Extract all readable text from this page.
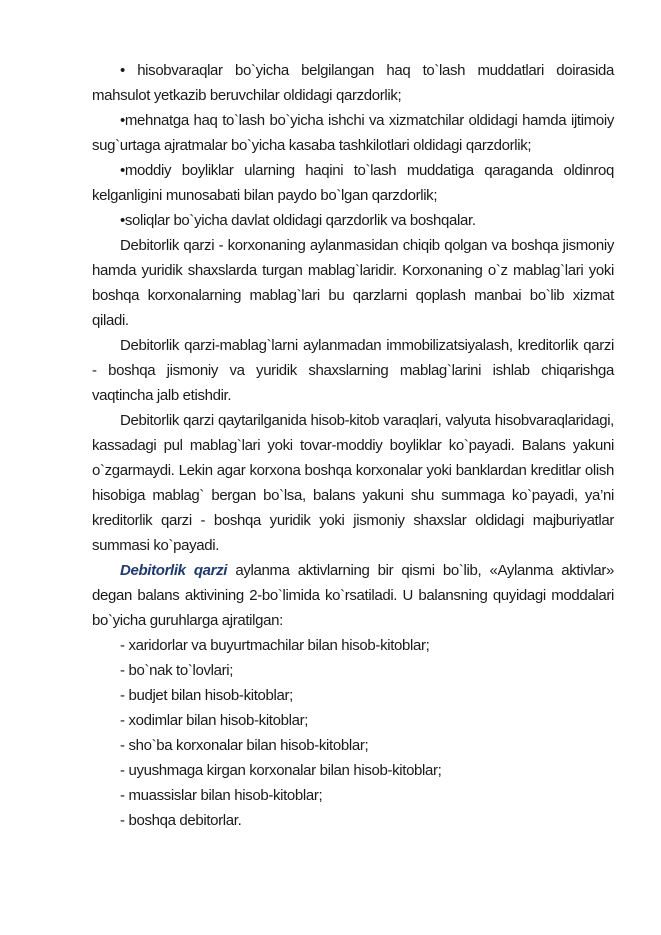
• hisobvaraqlar bo`yicha belgilangan haq to`lash muddatlari doirasida mahsulot yetkazib beruvchilar oldidagi qarzdorlik;

•mehnatga haq to`lash bo`yicha ishchi va xizmatchilar oldidagi hamda ijtimoiy sug`urtaga ajratmalar bo`yicha kasaba tashkilotlari oldidagi qarzdorlik;

•moddiy boyliklar ularning haqini to`lash muddatiga qaraganda oldinroq kelganligini munosabati bilan paydo bo`lgan qarzdorlik;

•soliqlar bo`yicha davlat oldidagi qarzdorlik va boshqalar.

Debitorlik qarzi - korxonaning aylanmasidan chiqib qolgan va boshqa jismoniy hamda yuridik shaxslarda turgan mablag`laridir. Korxonaning o`z mablag`lari yoki boshqa korxonalarning mablag`lari bu qarzlarni qoplash manbai bo`lib xizmat qiladi.

Debitorlik qarzi-mablag`larni aylanmadan immobilizatsiyalash, kreditorlik qarzi - boshqa jismoniy va yuridik shaxslarning mablag`larini ishlab chiqarishga vaqtincha jalb etishdir.

Debitorlik qarzi qaytarilganida hisob-kitob varaqlari, valyuta hisobvaraqlaridagi, kassadagi pul mablag`lari yoki tovar-moddiy boyliklar ko`payadi. Balans yakuni o`zgarmaydi. Lekin agar korxona boshqa korxonalar yoki banklardan kreditlar olish hisobiga mablag` bergan bo`lsa, balans yakuni shu summaga ko`payadi, ya’ni kreditorlik qarzi - boshqa yuridik yoki jismoniy shaxslar oldidagi majburiyatlar summasi ko`payadi.

Debitorlik qarzi aylanma aktivlarning bir qismi bo`lib, «Aylanma aktivlar» degan balans aktivining 2-bo`limida ko`rsatiladi. U balansning quyidagi moddalari bo`yicha guruhlarga ajratilgan:

- xaridorlar va buyurtmachilar bilan hisob-kitoblar;

- bo`nak to`lovlari;

- budjet bilan hisob-kitoblar;

- xodimlar bilan hisob-kitoblar;

- sho`ba korxonalar bilan hisob-kitoblar;

- uyushmaga kirgan korxonalar bilan hisob-kitoblar;

- muassislar bilan hisob-kitoblar;

- boshqa debitorlar.
